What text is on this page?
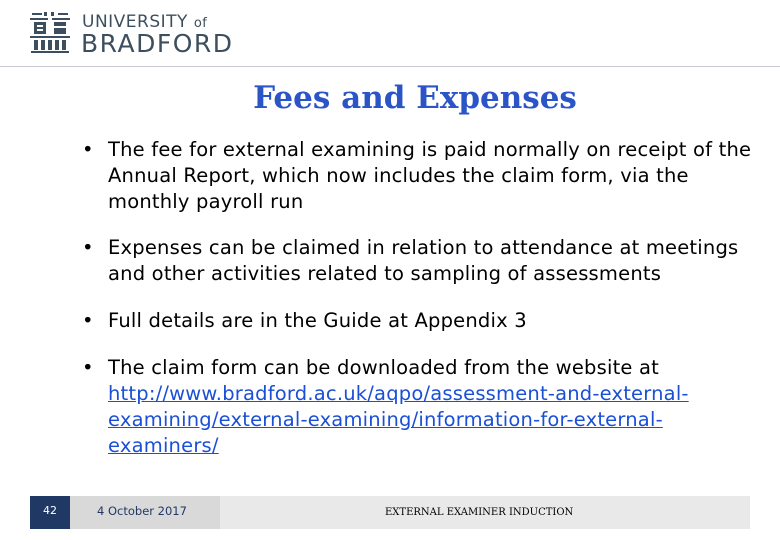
UNIVERSITY of
BRADFORD
Fees and Expenses
• The fee for external examining is paid normally on receipt of the Annual Report, which now includes the claim form, via the monthly payroll run
• Expenses can be claimed in relation to attendance at meetings and other activities related to sampling of assessments
• Full details are in the Guide at Appendix 3
• The claim form can be downloaded from the website at http://www.bradford.ac.uk/aqpo/assessment-and-external-examining/external-examining/information-for-external-examiners/
42	4 October 2017	EXTERNAL EXAMINER INDUCTION
